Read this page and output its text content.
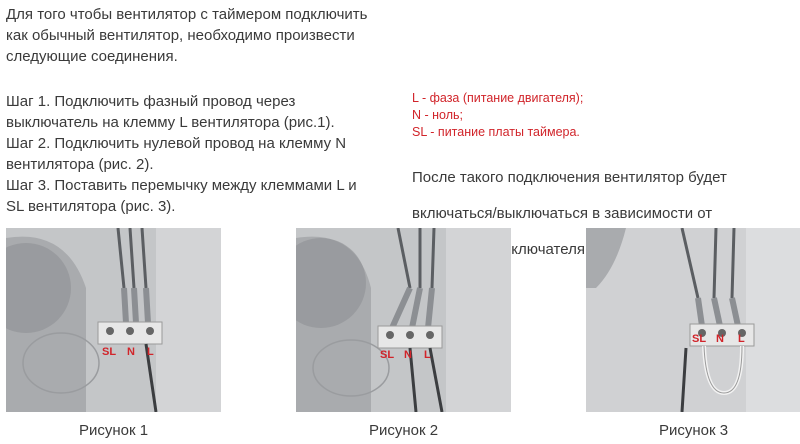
Для того чтобы вентилятор с таймером подключить

как обычный вентилятор, необходимо произвести

следующие соединения.

Шаг 1. Подключить фазный провод через

выключатель на клемму L вентилятора (рис.1).

Шаг 2. Подключить нулевой провод на клемму N

вентилятора (рис. 2).

Шаг 3. Поставить перемычку между клеммами L и

SL вентилятора (рис. 3).

L - фаза (питание двигателя);
N - ноль;
SL - питание платы таймера.

После такого подключения вентилятор будет

включаться/выключаться в зависимости от

выключателя.

SL N L
Рисунок 1
SL N L
Рисунок 2
SL N L
Рисунок 3
